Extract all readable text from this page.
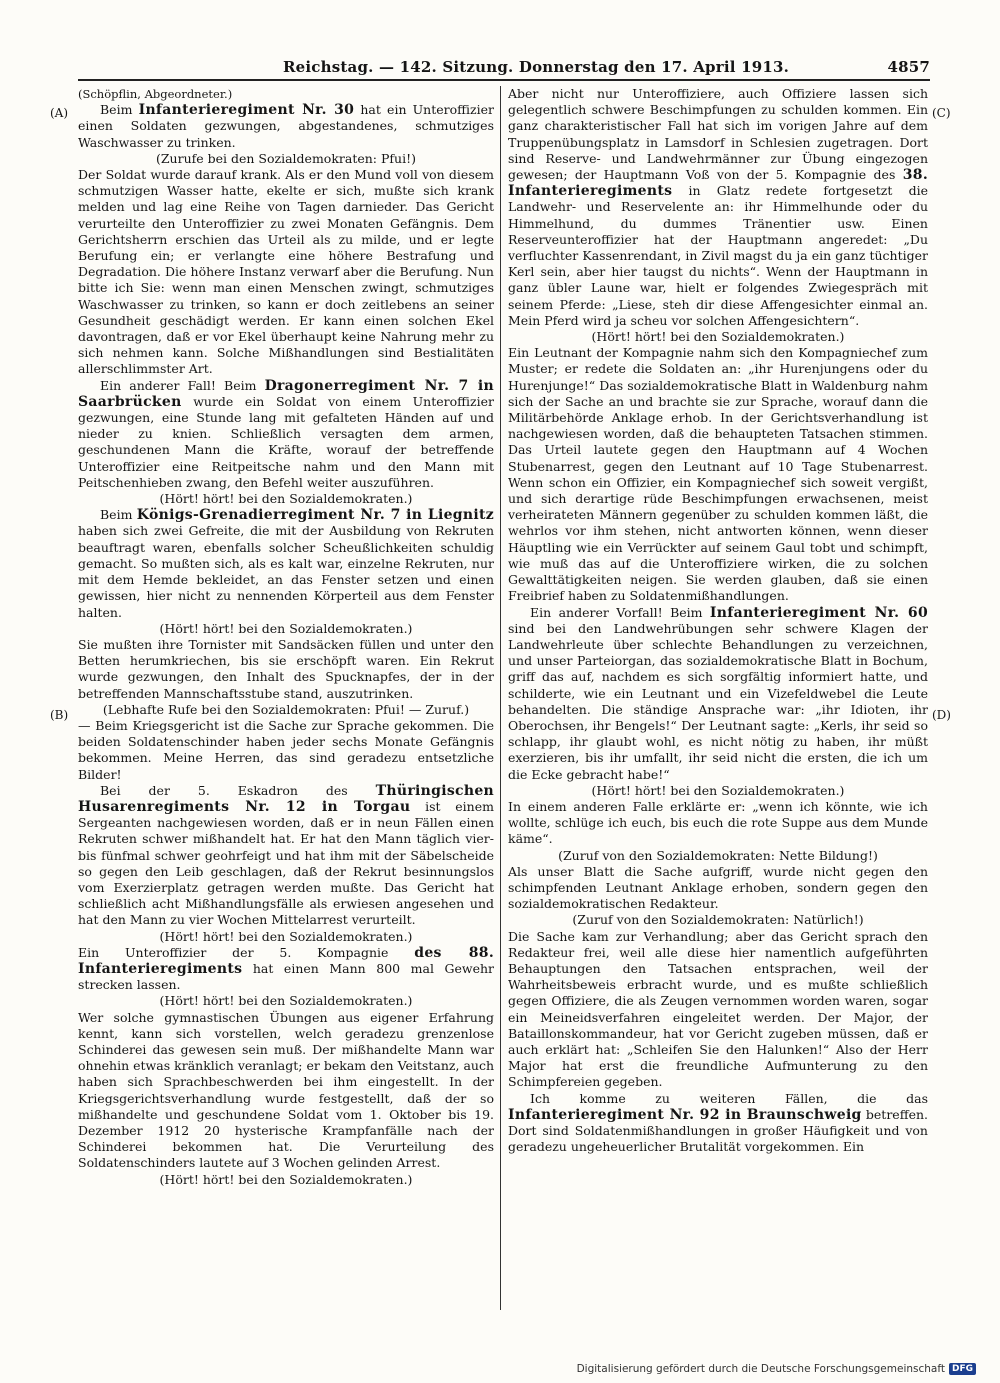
Reichstag. — 142. Sitzung. Donnerstag den 17. April 1913.	4857
(A)
(B)
(C)
(D)

(Schöpflin, Abgeordneter.)

Beim Infanterieregiment Nr. 30 hat ein Unteroffizier einen Soldaten gezwungen, abgestandenes, schmutziges Waschwasser zu trinken.

(Zurufe bei den Sozialdemokraten: Pfui!)

Der Soldat wurde darauf krank. Als er den Mund voll von diesem schmutzigen Wasser hatte, ekelte er sich, mußte sich krank melden und lag eine Reihe von Tagen darnieder. Das Gericht verurteilte den Unteroffizier zu zwei Monaten Gefängnis. Dem Gerichtsherrn erschien das Urteil als zu milde, und er legte Berufung ein; er verlangte eine höhere Bestrafung und Degradation. Die höhere Instanz verwarf aber die Berufung. Nun bitte ich Sie: wenn man einen Menschen zwingt, schmutziges Waschwasser zu trinken, so kann er doch zeitlebens an seiner Gesundheit geschädigt werden. Er kann einen solchen Ekel davontragen, daß er vor Ekel überhaupt keine Nahrung mehr zu sich nehmen kann. Solche Mißhandlungen sind Bestialitäten allerschlimmster Art.

Ein anderer Fall! Beim Dragonerregiment Nr. 7 in Saarbrücken wurde ein Soldat von einem Unteroffizier gezwungen, eine Stunde lang mit gefalteten Händen auf und nieder zu knien. Schließlich versagten dem armen, geschundenen Mann die Kräfte, worauf der betreffende Unteroffizier eine Reitpeitsche nahm und den Mann mit Peitschenhieben zwang, den Befehl weiter auszuführen.

(Hört! hört! bei den Sozialdemokraten.)

Beim Königs-Grenadierregiment Nr. 7 in Liegnitz haben sich zwei Gefreite, die mit der Ausbildung von Rekruten beauftragt waren, ebenfalls solcher Scheußlichkeiten schuldig gemacht. So mußten sich, als es kalt war, einzelne Rekruten, nur mit dem Hemde bekleidet, an das Fenster setzen und einen gewissen, hier nicht zu nennenden Körperteil aus dem Fenster halten.

(Hört! hört! bei den Sozialdemokraten.)

Sie mußten ihre Tornister mit Sandsäcken füllen und unter den Betten herumkriechen, bis sie erschöpft waren. Ein Rekrut wurde gezwungen, den Inhalt des Spucknapfes, der in der betreffenden Mannschaftsstube stand, auszutrinken.

(Lebhafte Rufe bei den Sozialdemokraten: Pfui! — Zuruf.)

— Beim Kriegsgericht ist die Sache zur Sprache gekommen. Die beiden Soldatenschinder haben jeder sechs Monate Gefängnis bekommen. Meine Herren, das sind geradezu entsetzliche Bilder!

Bei der 5. Eskadron des Thüringischen Husarenregiments Nr. 12 in Torgau ist einem Sergeanten nachgewiesen worden, daß er in neun Fällen einen Rekruten schwer mißhandelt hat. Er hat den Mann täglich vier- bis fünfmal schwer geohrfeigt und hat ihm mit der Säbelscheide so gegen den Leib geschlagen, daß der Rekrut besinnungslos vom Exerzierplatz getragen werden mußte. Das Gericht hat schließlich acht Mißhandlungsfälle als erwiesen angesehen und hat den Mann zu vier Wochen Mittelarrest verurteilt.

(Hört! hört! bei den Sozialdemokraten.)

Ein Unteroffizier der 5. Kompagnie des 88. Infanterieregiments hat einen Mann 800 mal Gewehr strecken lassen.

(Hört! hört! bei den Sozialdemokraten.)

Wer solche gymnastischen Übungen aus eigener Erfahrung kennt, kann sich vorstellen, welch geradezu grenzenlose Schinderei das gewesen sein muß. Der mißhandelte Mann war ohnehin etwas kränklich veranlagt; er bekam den Veitstanz, auch haben sich Sprachbeschwerden bei ihm eingestellt. In der Kriegsgerichtsverhandlung wurde festgestellt, daß der so mißhandelte und geschundene Soldat vom 1. Oktober bis 19. Dezember 1912 20 hysterische Krampfanfälle nach der Schinderei bekommen hat. Die Verurteilung des Soldatenschinders lautete auf 3 Wochen gelinden Arrest.

(Hört! hört! bei den Sozialdemokraten.)

Aber nicht nur Unteroffiziere, auch Offiziere lassen sich gelegentlich schwere Beschimpfungen zu schulden kommen. Ein ganz charakteristischer Fall hat sich im vorigen Jahre auf dem Truppenübungsplatz in Lamsdorf in Schlesien zugetragen. Dort sind Reserve- und Landwehrmänner zur Übung eingezogen gewesen; der Hauptmann Voß von der 5. Kompagnie des 38. Infanterieregiments in Glatz redete fortgesetzt die Landwehr- und Reservelente an: ihr Himmelhunde oder du Himmelhund, du dummes Tränentier usw. Einen Reserveunteroffizier hat der Hauptmann angeredet: „Du verfluchter Kassenrendant, in Zivil magst du ja ein ganz tüchtiger Kerl sein, aber hier taugst du nichts“. Wenn der Hauptmann in ganz übler Laune war, hielt er folgendes Zwiegespräch mit seinem Pferde: „Liese, steh dir diese Affengesichter einmal an. Mein Pferd wird ja scheu vor solchen Affengesichtern“.

(Hört! hört! bei den Sozialdemokraten.)

Ein Leutnant der Kompagnie nahm sich den Kompagniechef zum Muster; er redete die Soldaten an: „ihr Hurenjungens oder du Hurenjunge!“ Das sozialdemokratische Blatt in Waldenburg nahm sich der Sache an und brachte sie zur Sprache, worauf dann die Militärbehörde Anklage erhob. In der Gerichtsverhandlung ist nachgewiesen worden, daß die behaupteten Tatsachen stimmen. Das Urteil lautete gegen den Hauptmann auf 4 Wochen Stubenarrest, gegen den Leutnant auf 10 Tage Stubenarrest. Wenn schon ein Offizier, ein Kompagniechef sich soweit vergißt, und sich derartige rüde Beschimpfungen erwachsenen, meist verheirateten Männern gegenüber zu schulden kommen läßt, die wehrlos vor ihm stehen, nicht antworten können, wenn dieser Häuptling wie ein Verrückter auf seinem Gaul tobt und schimpft, wie muß das auf die Unteroffiziere wirken, die zu solchen Gewalttätigkeiten neigen. Sie werden glauben, daß sie einen Freibrief haben zu Soldatenmißhandlungen.

Ein anderer Vorfall! Beim Infanterieregiment Nr. 60 sind bei den Landwehrübungen sehr schwere Klagen der Landwehrleute über schlechte Behandlungen zu verzeichnen, und unser Parteiorgan, das sozialdemokratische Blatt in Bochum, griff das auf, nachdem es sich sorgfältig informiert hatte, und schilderte, wie ein Leutnant und ein Vizefeldwebel die Leute behandelten. Die ständige Ansprache war: „ihr Idioten, ihr Oberochsen, ihr Bengels!“ Der Leutnant sagte: „Kerls, ihr seid so schlapp, ihr glaubt wohl, es nicht nötig zu haben, ihr müßt exerzieren, bis ihr umfallt, ihr seid nicht die ersten, die ich um die Ecke gebracht habe!“

(Hört! hört! bei den Sozialdemokraten.)

In einem anderen Falle erklärte er: „wenn ich könnte, wie ich wollte, schlüge ich euch, bis euch die rote Suppe aus dem Munde käme“.

(Zuruf von den Sozialdemokraten: Nette Bildung!)

Als unser Blatt die Sache aufgriff, wurde nicht gegen den schimpfenden Leutnant Anklage erhoben, sondern gegen den sozialdemokratischen Redakteur.

(Zuruf von den Sozialdemokraten: Natürlich!)

Die Sache kam zur Verhandlung; aber das Gericht sprach den Redakteur frei, weil alle diese hier namentlich aufgeführten Behauptungen den Tatsachen entsprachen, weil der Wahrheitsbeweis erbracht wurde, und es mußte schließlich gegen Offiziere, die als Zeugen vernommen worden waren, sogar ein Meineidsverfahren eingeleitet werden. Der Major, der Bataillonskommandeur, hat vor Gericht zugeben müssen, daß er auch erklärt hat: „Schleifen Sie den Halunken!“ Also der Herr Major hat erst die freundliche Aufmunterung zu den Schimpfereien gegeben.

Ich komme zu weiteren Fällen, die das Infanterieregiment Nr. 92 in Braunschweig betreffen. Dort sind Soldatenmißhandlungen in großer Häufigkeit und von geradezu ungeheuerlicher Brutalität vorgekommen. Ein

Digitalisierung gefördert durch die Deutsche Forschungsgemeinschaft DFG
